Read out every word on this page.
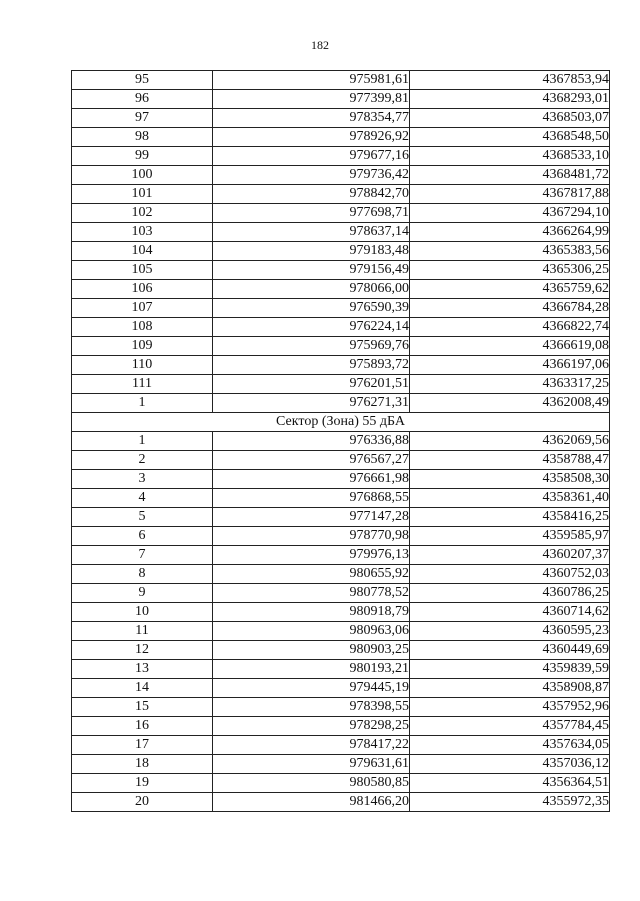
182
95	975981,61	4367853,94
96	977399,81	4368293,01
97	978354,77	4368503,07
98	978926,92	4368548,50
99	979677,16	4368533,10
100	979736,42	4368481,72
101	978842,70	4367817,88
102	977698,71	4367294,10
103	978637,14	4366264,99
104	979183,48	4365383,56
105	979156,49	4365306,25
106	978066,00	4365759,62
107	976590,39	4366784,28
108	976224,14	4366822,74
109	975969,76	4366619,08
110	975893,72	4366197,06
111	976201,51	4363317,25
1	976271,31	4362008,49
Сектор (Зона) 55 дБА		
1	976336,88	4362069,56
2	976567,27	4358788,47
3	976661,98	4358508,30
4	976868,55	4358361,40
5	977147,28	4358416,25
6	978770,98	4359585,97
7	979976,13	4360207,37
8	980655,92	4360752,03
9	980778,52	4360786,25
10	980918,79	4360714,62
11	980963,06	4360595,23
12	980903,25	4360449,69
13	980193,21	4359839,59
14	979445,19	4358908,87
15	978398,55	4357952,96
16	978298,25	4357784,45
17	978417,22	4357634,05
18	979631,61	4357036,12
19	980580,85	4356364,51
20	981466,20	4355972,35
